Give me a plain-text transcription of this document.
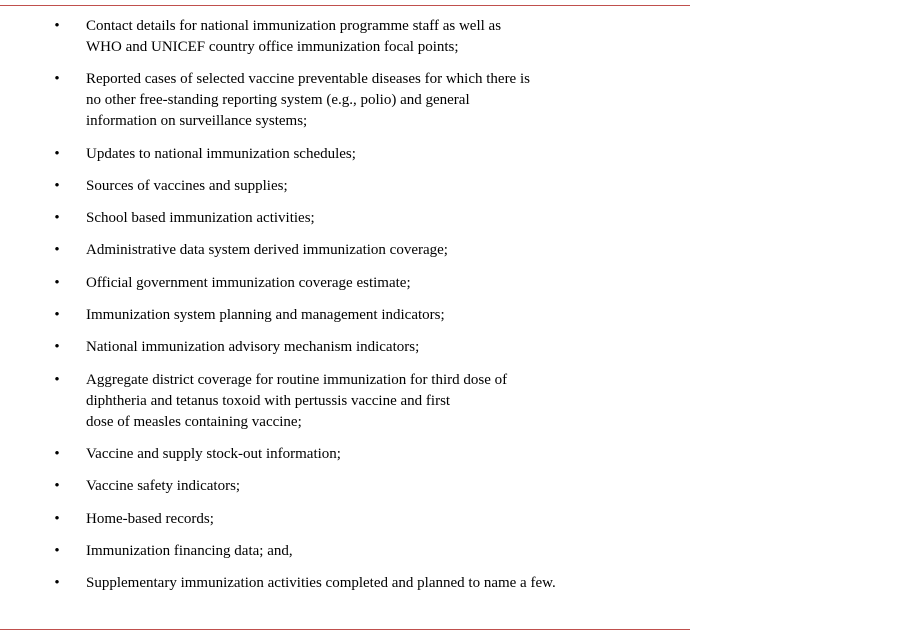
• Contact details for national immunization programme staff as well as
WHO and UNICEF country office immunization focal points;
• Reported cases of selected vaccine preventable diseases for which there is
no other free-standing reporting system (e.g., polio) and general
information on surveillance systems;
• Updates to national immunization schedules;
• Sources of vaccines and supplies;
• School based immunization activities;
• Administrative data system derived immunization coverage;
• Official government immunization coverage estimate;
• Immunization system planning and management indicators;
• National immunization advisory mechanism indicators;
• Aggregate district coverage for routine immunization for third dose of
diphtheria and tetanus toxoid with pertussis vaccine and first
dose of measles containing vaccine;
• Vaccine and supply stock-out information;
• Vaccine safety indicators;
• Home-based records;
• Immunization financing data; and,
• Supplementary immunization activities completed and planned to name a few.
